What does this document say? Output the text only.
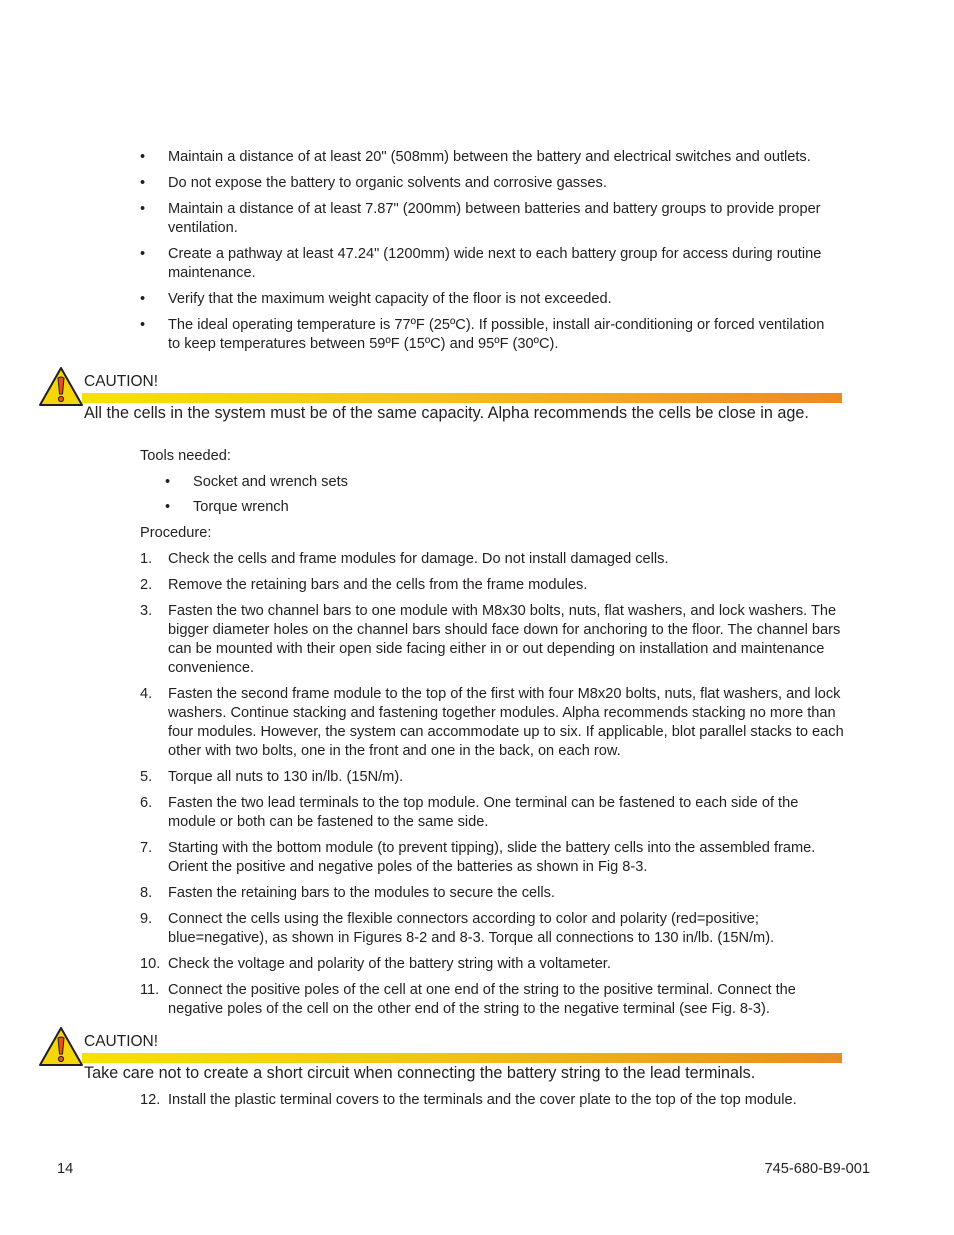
• Maintain a distance of at least 20" (508mm) between the battery and electrical switches and outlets.
• Do not expose the battery to organic solvents and corrosive gasses.
• Maintain a distance of at least 7.87" (200mm) between batteries and battery groups to provide proper ventilation.
• Create a pathway at least 47.24" (1200mm) wide next to each battery group for access during routine maintenance.
• Verify that the maximum weight capacity of the floor is not exceeded.
• The ideal operating temperature is 77ºF (25ºC). If possible, install air-conditioning or forced ventilation to keep temperatures between 59ºF (15ºC) and 95ºF (30ºC).
CAUTION!
All the cells in the system must be of the same capacity. Alpha recommends the cells be close in age.
Tools needed:
• Socket and wrench sets
• Torque wrench
Procedure:
1. Check the cells and frame modules for damage. Do not install damaged cells.
2. Remove the retaining bars and the cells from the frame modules.
3. Fasten the two channel bars to one module with M8x30 bolts, nuts, flat washers, and lock washers. The bigger diameter holes on the channel bars should face down for anchoring to the floor. The channel bars can be mounted with their open side facing either in or out depending on installation and maintenance convenience.
4. Fasten the second frame module to the top of the first with four M8x20 bolts, nuts, flat washers, and lock washers. Continue stacking and fastening together modules. Alpha recommends stacking no more than four modules. However, the system can accommodate up to six. If applicable, blot parallel stacks to each other with two bolts, one in the front and one in the back, on each row.
5. Torque all nuts to 130 in/lb. (15N/m).
6. Fasten the two lead terminals to the top module. One terminal can be fastened to each side of the module or both can be fastened to the same side.
7. Starting with the bottom module (to prevent tipping), slide the battery cells into the assembled frame. Orient the positive and negative poles of the batteries as shown in Fig 8-3.
8. Fasten the retaining bars to the modules to secure the cells.
9. Connect the cells using the flexible connectors according to color and polarity (red=positive; blue=negative), as shown in Figures 8-2 and 8-3. Torque all connections to 130 in/lb. (15N/m).
10. Check the voltage and polarity of the battery string with a voltameter.
11. Connect the positive poles of the cell at one end of the string to the positive terminal. Connect the negative poles of the cell on the other end of the string to the negative terminal (see Fig. 8-3).
CAUTION!
Take care not to create a short circuit when connecting the battery string to the lead terminals.
12. Install the plastic terminal covers to the terminals and the cover plate to the top of the top module.
14	745-680-B9-001
